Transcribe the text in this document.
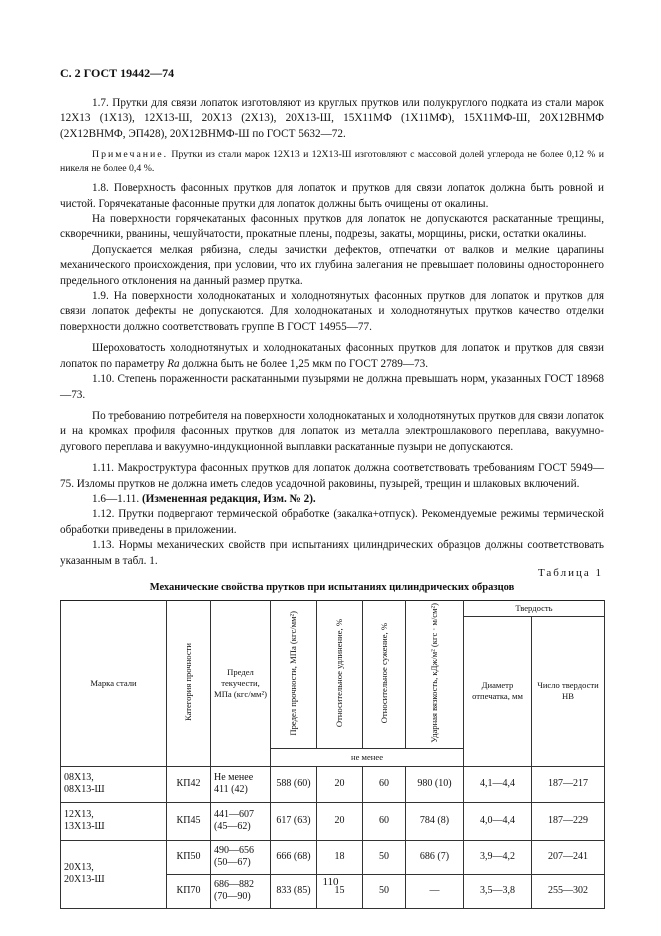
С. 2 ГОСТ 19442—74

1.7. Прутки для связи лопаток изготовляют из круглых прутков или полукруглого подката из стали марок 12Х13 (1Х13), 12Х13-Ш, 20Х13 (2Х13), 20Х13-Ш, 15Х11МФ (1Х11МФ), 15Х11МФ-Ш, 20Х12ВНМФ (2Х12ВНМФ, ЭП428), 20Х12ВНМФ-Ш по ГОСТ 5632—72.

Примечание. Прутки из стали марок 12Х13 и 12Х13-Ш изготовляют с массовой долей углерода не более 0,12 % и никеля не более 0,4 %.

1.8. Поверхность фасонных прутков для лопаток и прутков для связи лопаток должна быть ровной и чистой. Горячекатаные фасонные прутки для лопаток должны быть очищены от окалины.

На поверхности горячекатаных фасонных прутков для лопаток не допускаются раскатанные трещины, скворечники, рванины, чешуйчатости, прокатные плены, подрезы, закаты, морщины, риски, остатки окалины.

Допускается мелкая рябизна, следы зачистки дефектов, отпечатки от валков и мелкие царапины механического происхождения, при условии, что их глубина залегания не превышает половины одностороннего предельного отклонения на данный размер прутка.

1.9. На поверхности холоднокатаных и холоднотянутых фасонных прутков для лопаток и прутков для связи лопаток дефекты не допускаются. Для холоднокатаных и холоднотянутых прутков качество отделки поверхности должно соответствовать группе В ГОСТ 14955—77.

Шероховатость холоднотянутых и холоднокатаных фасонных прутков для лопаток и прутков для связи лопаток по параметру Ra должна быть не более 1,25 мкм по ГОСТ 2789—73.

1.10. Степень пораженности раскатанными пузырями не должна превышать норм, указанных ГОСТ 18968—73.

По требованию потребителя на поверхности холоднокатаных и холоднотянутых прутков для связи лопаток и на кромках профиля фасонных прутков для лопаток из металла электрошлакового переплава, вакуумно-дугового переплава и вакуумно-индукционной выплавки раскатанные пузыри не допускаются.

1.11. Макроструктура фасонных прутков для лопаток должна соответствовать требованиям ГОСТ 5949—75. Изломы прутков не должна иметь следов усадочной раковины, пузырей, трещин и шлаковых включений.

1.6—1.11. (Измененная редакция, Изм. № 2).

1.12. Прутки подвергают термической обработке (закалка+отпуск). Рекомендуемые режимы термической обработки приведены в приложении.

1.13. Нормы механических свойств при испытаниях цилиндрических образцов должны соответствовать указанным в табл. 1.

Таблица 1
Механические свойства прутков при испытаниях цилиндрических образцов
Марка стали	Категория прочности	Предел текучести, МПа (кгс/мм²)	Предел прочности, МПа (кгс/мм²)	Относительное удлинение, %	Относительное сужение, %	Ударная вязкость, кДж/м² (кгс · м/см²)	Твердость	
							Диаметр отпечатка, мм	Число твердости НВ
			не менее					
08Х13,
08Х13-Ш	КП42	Не менее 411 (42)	588 (60)	20	60	980 (10)	4,1—4,4	187—217
12Х13,
13Х13-Ш	КП45	441—607 (45—62)	617 (63)	20	60	784 (8)	4,0—4,4	187—229
20Х13,
20Х13-Ш	КП50	490—656 (50—67)	666 (68)	18	50	686 (7)	3,9—4,2	207—241
	КП70	686—882 (70—90)	833 (85)	15	50	—	3,5—3,8	255—302
110
